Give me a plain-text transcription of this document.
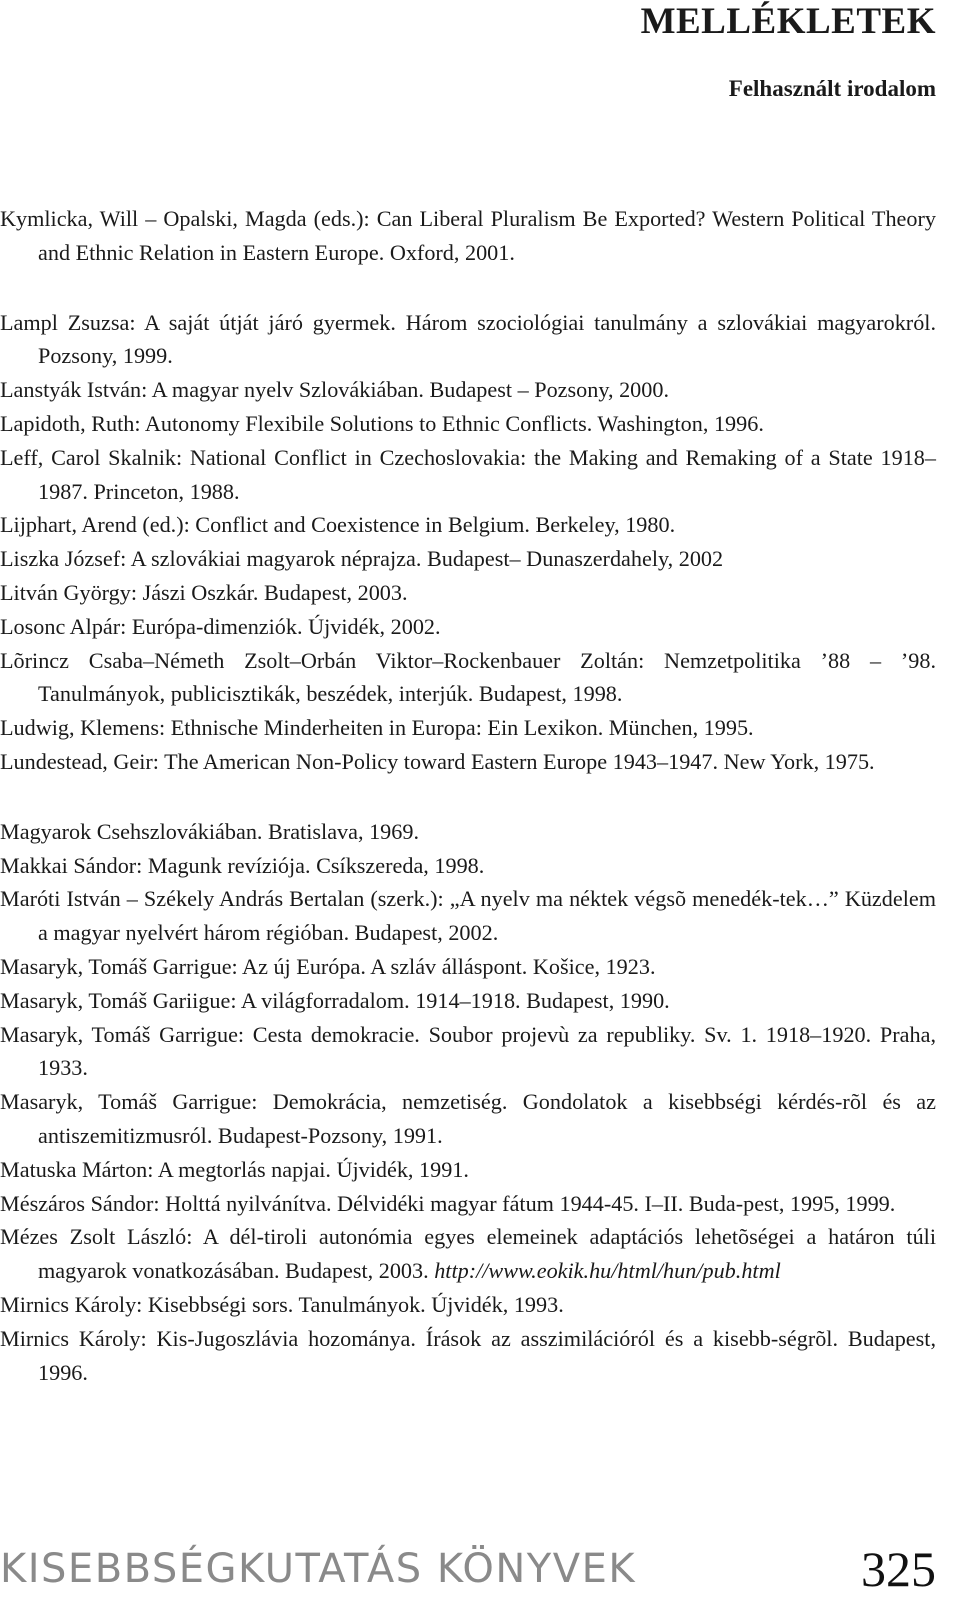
MELLÉKLETEK
Felhasznált irodalom

Kymlicka, Will – Opalski, Magda (eds.): Can Liberal Pluralism Be Exported? Western Political Theory and Ethnic Relation in Eastern Europe. Oxford, 2001.

Lampl Zsuzsa: A saját útját járó gyermek. Három szociológiai tanulmány a szlovákiai magyarokról. Pozsony, 1999.

Lanstyák István: A magyar nyelv Szlovákiában. Budapest – Pozsony, 2000.

Lapidoth, Ruth: Autonomy Flexibile Solutions to Ethnic Conflicts. Washington, 1996.

Leff, Carol Skalnik: National Conflict in Czechoslovakia: the Making and Remaking of a State 1918–1987. Princeton, 1988.

Lijphart, Arend (ed.): Conflict and Coexistence in Belgium. Berkeley, 1980.

Liszka József: A szlovákiai magyarok néprajza. Budapest– Dunaszerdahely, 2002

Litván György: Jászi Oszkár. Budapest, 2003.

Losonc Alpár: Európa-dimenziók. Újvidék, 2002.

Lõrincz Csaba–Németh Zsolt–Orbán Viktor–Rockenbauer Zoltán: Nemzetpolitika ’88 – ’98. Tanulmányok, publicisztikák, beszédek, interjúk. Budapest, 1998.

Ludwig, Klemens: Ethnische Minderheiten in Europa: Ein Lexikon. München, 1995.

Lundestead, Geir: The American Non-Policy toward Eastern Europe 1943–1947. New York, 1975.

Magyarok Csehszlovákiában. Bratislava, 1969.

Makkai Sándor: Magunk revíziója. Csíkszereda, 1998.

Maróti István – Székely András Bertalan (szerk.): „A nyelv ma néktek végsõ menedék-tek…” Küzdelem a magyar nyelvért három régióban. Budapest, 2002.

Masaryk, Tomáš Garrigue: Az új Európa. A szláv álláspont. Košice, 1923.

Masaryk, Tomáš Gariigue: A világforradalom. 1914–1918. Budapest, 1990.

Masaryk, Tomáš Garrigue: Cesta demokracie. Soubor projevù za republiky. Sv. 1. 1918–1920. Praha, 1933.

Masaryk, Tomáš Garrigue: Demokrácia, nemzetiség. Gondolatok a kisebbségi kérdés-rõl és az antiszemitizmusról. Budapest-Pozsony, 1991.

Matuska Márton: A megtorlás napjai. Újvidék, 1991.

Mészáros Sándor: Holttá nyilvánítva. Délvidéki magyar fátum 1944-45. I–II. Buda-pest, 1995, 1999.

Mézes Zsolt László: A dél-tiroli autonómia egyes elemeinek adaptációs lehetõségei a határon túli magyarok vonatkozásában. Budapest, 2003. http://www.eokik.hu/html/hun/pub.html

Mirnics Károly: Kisebbségi sors. Tanulmányok. Újvidék, 1993.

Mirnics Károly: Kis-Jugoszlávia hozománya. Írások az asszimilációról és a kisebb-ségrõl. Budapest, 1996.

KISEBBSÉGKUTATÁS KÖNYVEK	325
